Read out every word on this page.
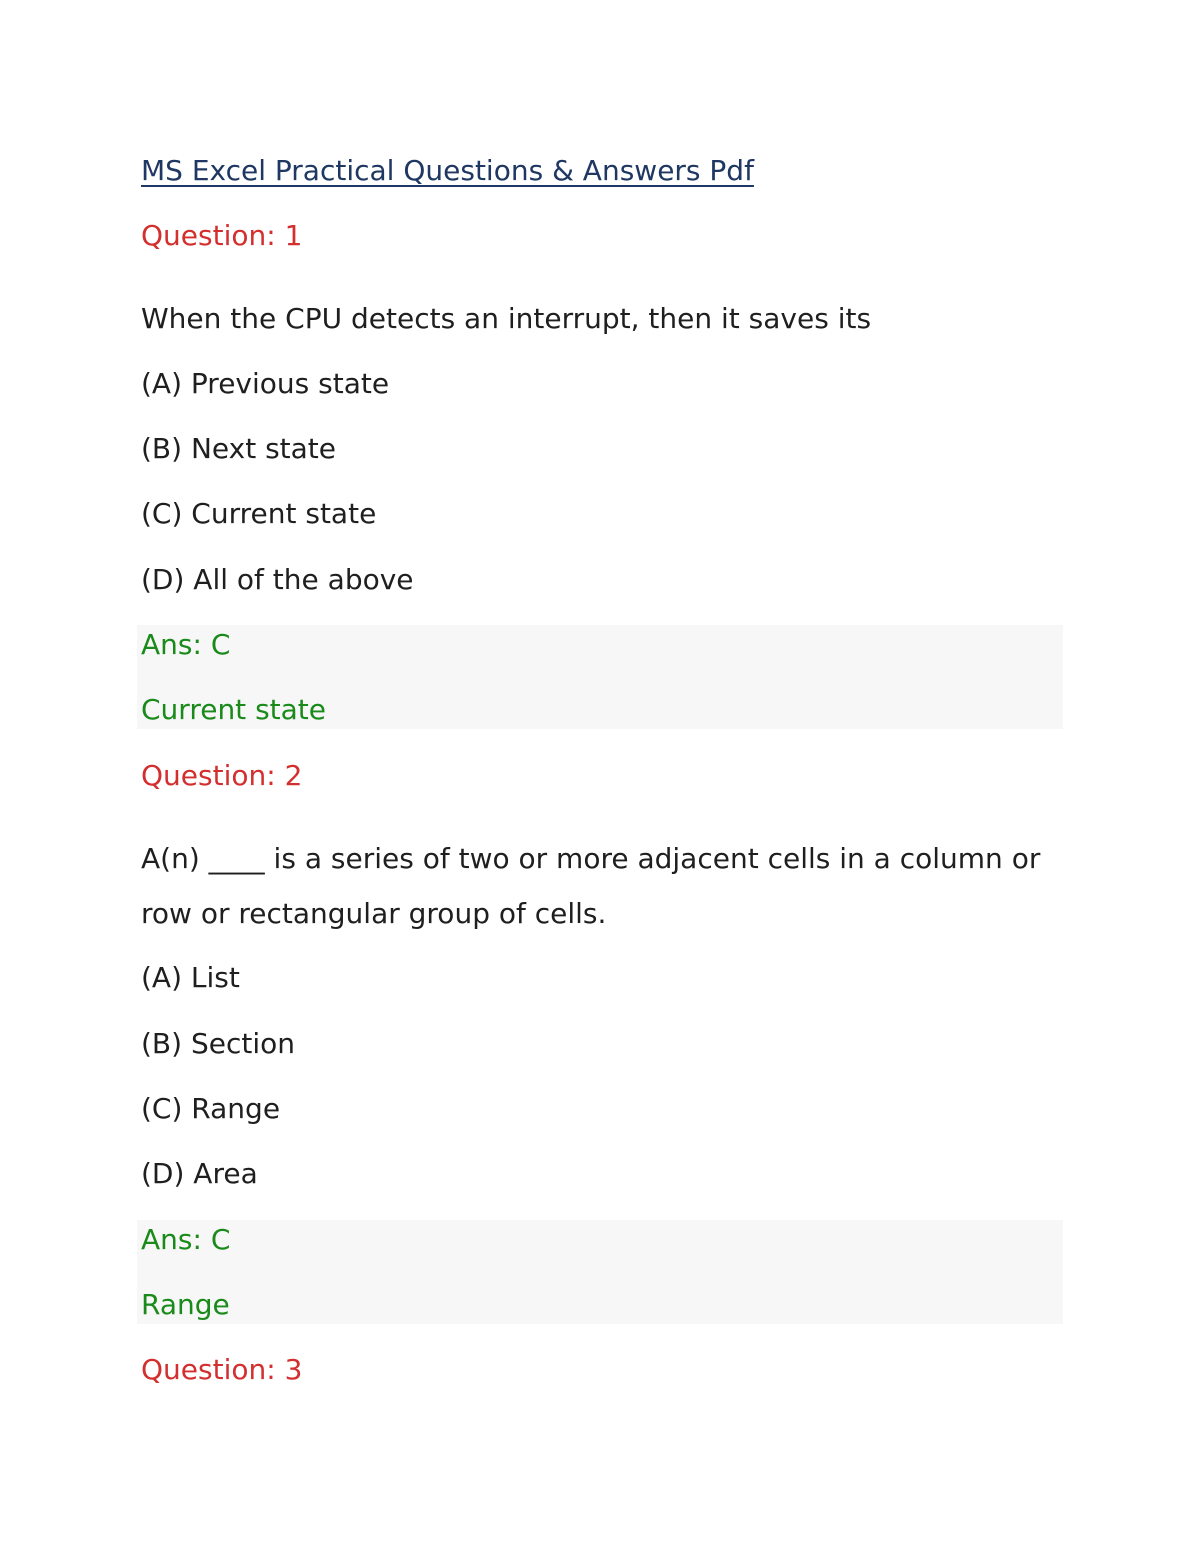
MS Excel Practical Questions & Answers Pdf
Question: 1
When the CPU detects an interrupt, then it saves its
(A) Previous state
(B) Next state
(C) Current state
(D) All of the above
Ans: C
Current state
Question: 2
A(n) ____ is a series of two or more adjacent cells in a column or
row or rectangular group of cells.
(A) List
(B) Section
(C) Range
(D) Area
Ans: C
Range
Question: 3
